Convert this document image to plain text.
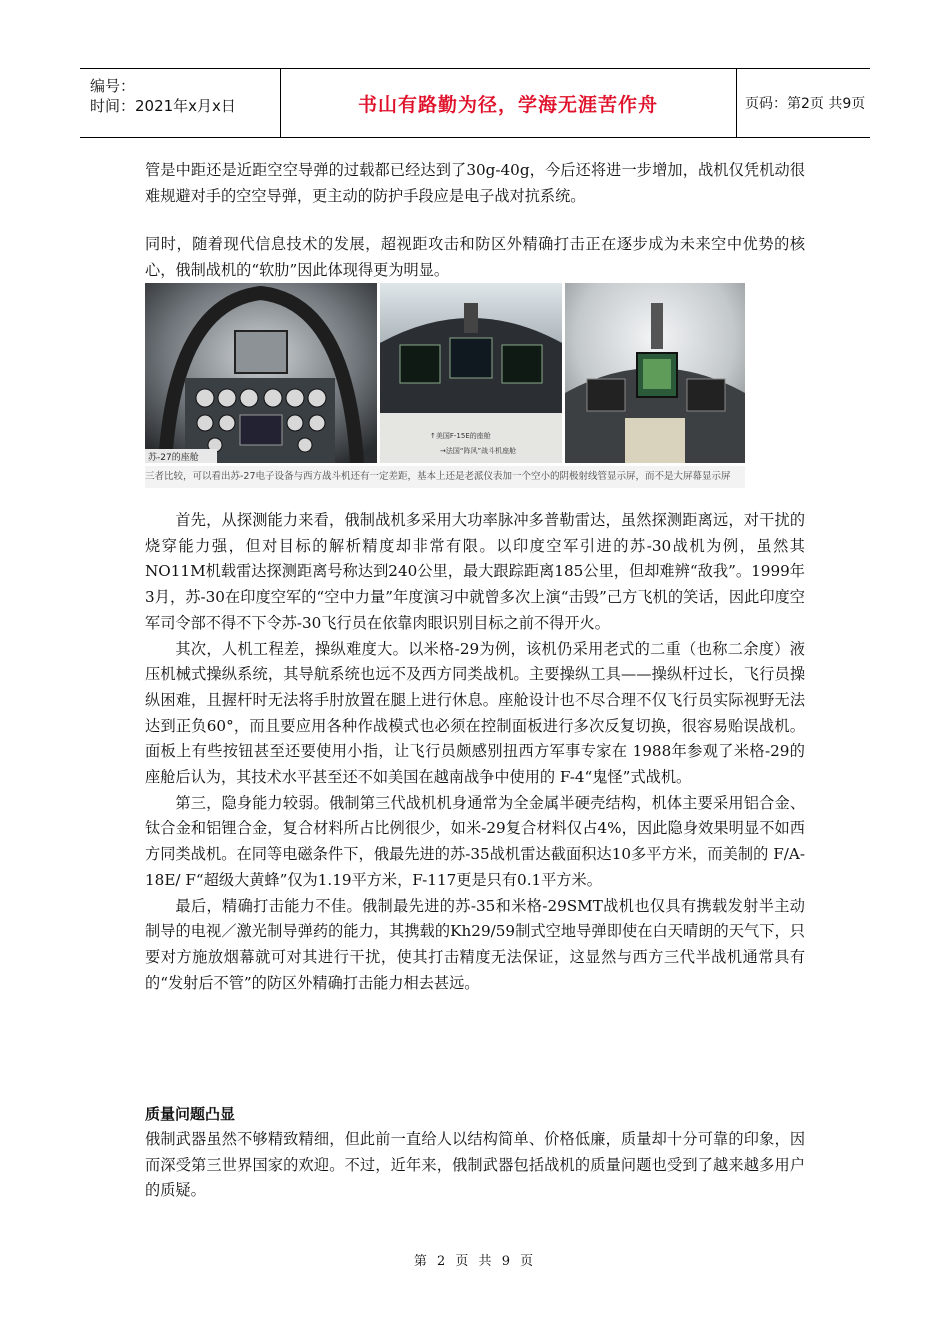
编号：
时间：2021年x月x日	书山有路勤为径，学海无涯苦作舟	页码：第2页 共9页

管是中距还是近距空空导弹的过载都已经达到了30g-40g，今后还将进一步增加，战机仅凭机动很难规避对手的空空导弹，更主动的防护手段应是电子战对抗系统。

同时，随着现代信息技术的发展，超视距攻击和防区外精确打击正在逐步成为未来空中优势的核心，俄制战机的“软肋”因此体现得更为明显。

苏-27的座舱
↑美国F-15E的座舱
→法国“阵风”战斗机座舱
三者比较，可以看出苏-27电子设备与西方战斗机还有一定差距，基本上还是老派仪表加一个空小的阴极射线管显示屏，而不是大屏幕显示屏

首先，从探测能力来看，俄制战机多采用大功率脉冲多普勒雷达，虽然探测距离远，对干扰的烧穿能力强，但对目标的解析精度却非常有限。以印度空军引进的苏-30战机为例，虽然其NO11M机载雷达探测距离号称达到240公里，最大跟踪距离185公里，但却难辨“敌我”。1999年3月，苏-30在印度空军的“空中力量”年度演习中就曾多次上演“击毁”己方飞机的笑话，因此印度空军司令部不得不下令苏-30飞行员在依靠肉眼识别目标之前不得开火。

其次，人机工程差，操纵难度大。以米格-29为例，该机仍采用老式的二重（也称二余度）液压机械式操纵系统，其导航系统也远不及西方同类战机。主要操纵工具——操纵杆过长，飞行员操纵困难，且握杆时无法将手肘放置在腿上进行休息。座舱设计也不尽合理不仅飞行员实际视野无法达到正负60°，而且要应用各种作战模式也必须在控制面板进行多次反复切换，很容易贻误战机。面板上有些按钮甚至还要使用小指，让飞行员颇感别扭西方军事专家在 1988年参观了米格-29的座舱后认为，其技术水平甚至还不如美国在越南战争中使用的 F-4“鬼怪”式战机。

第三，隐身能力较弱。俄制第三代战机机身通常为全金属半硬壳结构，机体主要采用铝合金、钛合金和铝锂合金，复合材料所占比例很少，如米-29复合材料仅占4%，因此隐身效果明显不如西方同类战机。在同等电磁条件下，俄最先进的苏-35战机雷达截面积达10多平方米，而美制的 F/A-18E/ F“超级大黄蜂”仅为1.19平方米，F-117更是只有0.1平方米。

最后，精确打击能力不佳。俄制最先进的苏-35和米格-29SMT战机也仅具有携载发射半主动制导的电视／激光制导弹药的能力，其携载的Kh29/59制式空地导弹即使在白天晴朗的天气下，只要对方施放烟幕就可对其进行干扰，使其打击精度无法保证，这显然与西方三代半战机通常具有的“发射后不管”的防区外精确打击能力相去甚远。

质量问题凸显

俄制武器虽然不够精致精细，但此前一直给人以结构简单、价格低廉，质量却十分可靠的印象，因而深受第三世界国家的欢迎。不过，近年来，俄制武器包括战机的质量问题也受到了越来越多用户的质疑。

第 2 页 共 9 页
